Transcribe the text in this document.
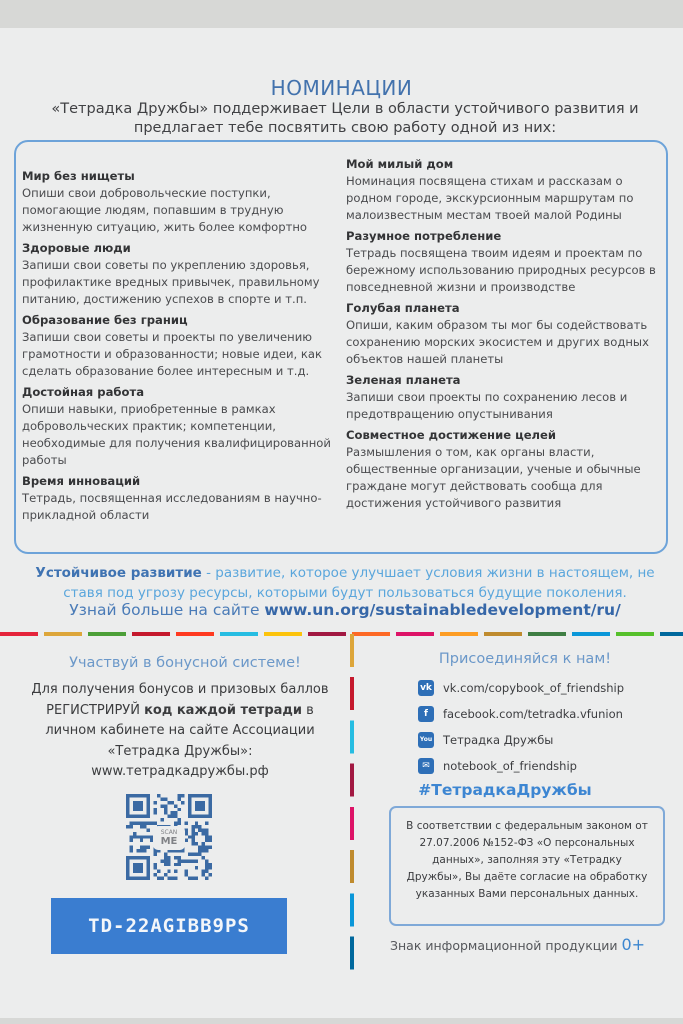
НОМИНАЦИИ
«Тетрадка Дружбы» поддерживает Цели в области устойчивого развития и предлагает тебе посвятить свою работу одной из них:
Мир без нищеты
Опиши свои добровольческие поступки, помогающие людям, попавшим в трудную жизненную ситуацию, жить более комфортно
Здоровые люди
Запиши свои советы по укреплению здоровья, профилактике вредных привычек, правильному питанию, достижению успехов в спорте и т.п.
Образование без границ
Запиши свои советы и проекты по увеличению грамотности и образованности; новые идеи, как сделать образование более интересным и т.д.
Достойная работа
Опиши навыки, приобретенные в рамках добровольческих практик; компетенции, необходимые для получения квалифицированной работы
Время инноваций
Тетрадь, посвященная исследованиям в научно-прикладной области
Мой милый дом
Номинация посвящена стихам и рассказам о родном городе, экскурсионным маршрутам по малоизвестным местам твоей малой Родины
Разумное потребление
Тетрадь посвящена твоим идеям и проектам по бережному использованию природных ресурсов в повседневной жизни и производстве
Голубая планета
Опиши, каким образом ты мог бы содействовать сохранению морских экосистем и других водных объектов нашей планеты
Зеленая планета
Запиши свои проекты по сохранению лесов и предотвращению опустынивания
Совместное достижение целей
Размышления о том, как органы власти, общественные организации, ученые и обычные граждане могут действовать сообща для достижения устойчивого развития
Устойчивое развитие - развитие, которое улучшает условия жизни в настоящем, не ставя под угрозу ресурсы, которыми будут пользоваться будущие поколения.
Узнай больше на сайте www.un.org/sustainabledevelopment/ru/
Участвуй в бонусной системе!
Для получения бонусов и призовых баллов РЕГИСТРИРУЙ код каждой тетради в личном кабинете на сайте Ассоциации «Тетрадка Дружбы»: www.тетрадкадружбы.рф
SCAN
ME
TD-22AGIBB9PS
Присоединяйся к нам!
vk vk.com/copybook_of_friendship
f	facebook.com/tetradka.vfunion
You Тетрадка Дружбы
✉	notebook_of_friendship
#ТетрадкаДружбы
В соответствии с федеральным законом от 27.07.2006 №152-ФЗ «О персональных данных», заполняя эту «Тетрадку Дружбы», Вы даёте согласие на обработку указанных Вами персональных данных.
Знак информационной продукции 0+
